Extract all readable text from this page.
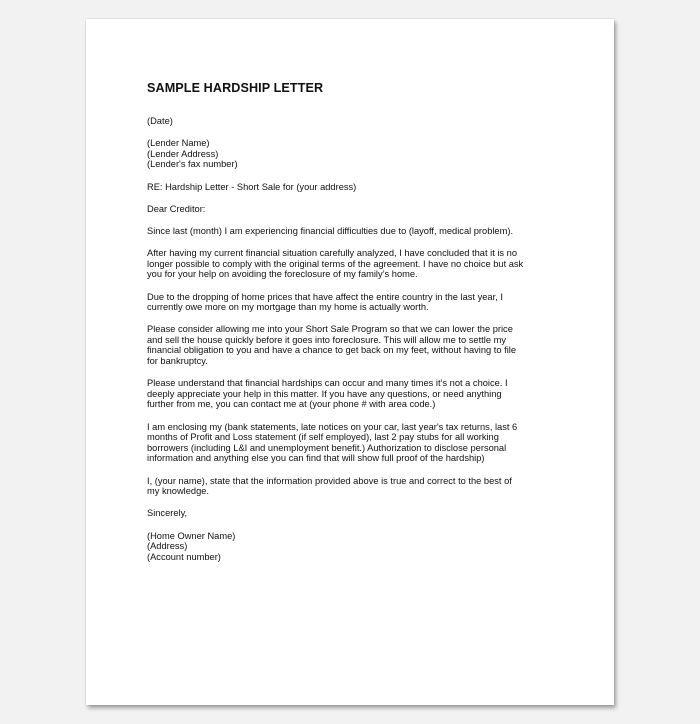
SAMPLE HARDSHIP LETTER
(Date)
(Lender Name)
(Lender Address)
(Lender's fax number)
RE: Hardship Letter - Short Sale for (your address)
Dear Creditor:
Since last (month) I am experiencing financial difficulties due to (layoff, medical problem).
After having my current financial situation carefully analyzed, I have concluded that it is no
longer possible to comply with the original terms of the agreement. I have no choice but ask
you for your help on avoiding the foreclosure of my family’s home.
Due to the dropping of home prices that have affect the entire country in the last year, I
currently owe more on my mortgage than my home is actually worth.
Please consider allowing me into your Short Sale Program so that we can lower the price
and sell the house quickly before it goes into foreclosure. This will allow me to settle my
financial obligation to you and have a chance to get back on my feet, without having to file
for bankruptcy.
Please understand that financial hardships can occur and many times it’s not a choice. I
deeply appreciate your help in this matter. If you have any questions, or need anything
further from me, you can contact me at (your phone # with area code.)
I am enclosing my (bank statements, late notices on your car, last year's tax returns, last 6
months of Profit and Loss statement (if self employed), last 2 pay stubs for all working
borrowers (including L&I and unemployment benefit.) Authorization to disclose personal
information and anything else you can find that will show full proof of the hardship)
I, (your name), state that the information provided above is true and correct to the best of
my knowledge.
Sincerely,
(Home Owner Name)
(Address)
(Account number)
